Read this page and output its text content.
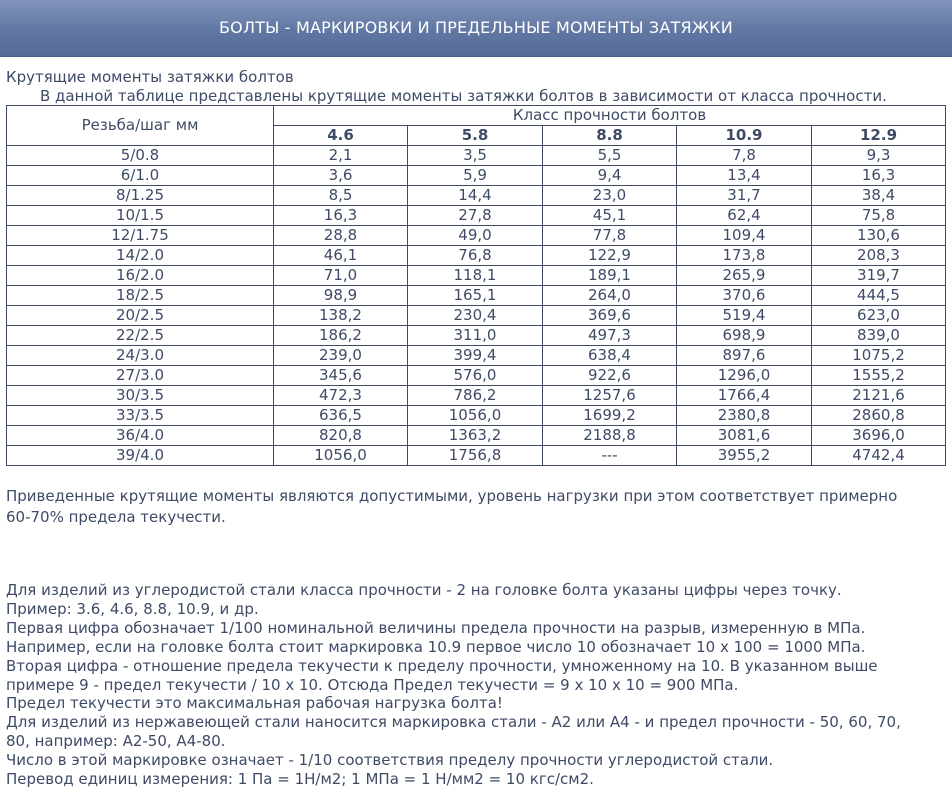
БОЛТЫ - МАРКИРОВКИ И ПРЕДЕЛЬНЫЕ МОМЕНТЫ ЗАТЯЖКИ
Крутящие моменты затяжки болтов
В данной таблице представлены крутящие моменты затяжки болтов в зависимости от класса прочности.
Резьба/шаг мм	Класс прочности болтов				
	4.6	5.8	8.8	10.9	12.9
5/0.8	2,1	3,5	5,5	7,8	9,3
6/1.0	3,6	5,9	9,4	13,4	16,3
8/1.25	8,5	14,4	23,0	31,7	38,4
10/1.5	16,3	27,8	45,1	62,4	75,8
12/1.75	28,8	49,0	77,8	109,4	130,6
14/2.0	46,1	76,8	122,9	173,8	208,3
16/2.0	71,0	118,1	189,1	265,9	319,7
18/2.5	98,9	165,1	264,0	370,6	444,5
20/2.5	138,2	230,4	369,6	519,4	623,0
22/2.5	186,2	311,0	497,3	698,9	839,0
24/3.0	239,0	399,4	638,4	897,6	1075,2
27/3.0	345,6	576,0	922,6	1296,0	1555,2
30/3.5	472,3	786,2	1257,6	1766,4	2121,6
33/3.5	636,5	1056,0	1699,2	2380,8	2860,8
36/4.0	820,8	1363,2	2188,8	3081,6	3696,0
39/4.0	1056,0	1756,8	---	3955,2	4742,4
Приведенные крутящие моменты являются допустимыми, уровень нагрузки при этом соответствует примерно
60-70% предела текучести.
Для изделий из углеродистой стали класса прочности - 2 на головке болта указаны цифры через точку.
Пример: 3.6, 4.6, 8.8, 10.9, и др.
Первая цифра обозначает 1/100 номинальной величины предела прочности на разрыв, измеренную в МПа.
Например, если на головке болта стоит маркировка 10.9 первое число 10 обозначает 10 х 100 = 1000 МПа.
Вторая цифра - отношение предела текучести к пределу прочности, умноженному на 10. В указанном выше
примере 9 - предел текучести / 10 х 10. Отсюда Предел текучести = 9 х 10 х 10 = 900 МПа.
Предел текучести это максимальная рабочая нагрузка болта!
Для изделий из нержавеющей стали наносится маркировка стали - А2 или А4 - и предел прочности - 50, 60, 70,
80, например: А2-50, А4-80.
Число в этой маркировке означает - 1/10 соответствия пределу прочности углеродистой стали.
Перевод единиц измерения: 1 Па = 1Н/м2; 1 МПа = 1 Н/мм2 = 10 кгс/см2.
